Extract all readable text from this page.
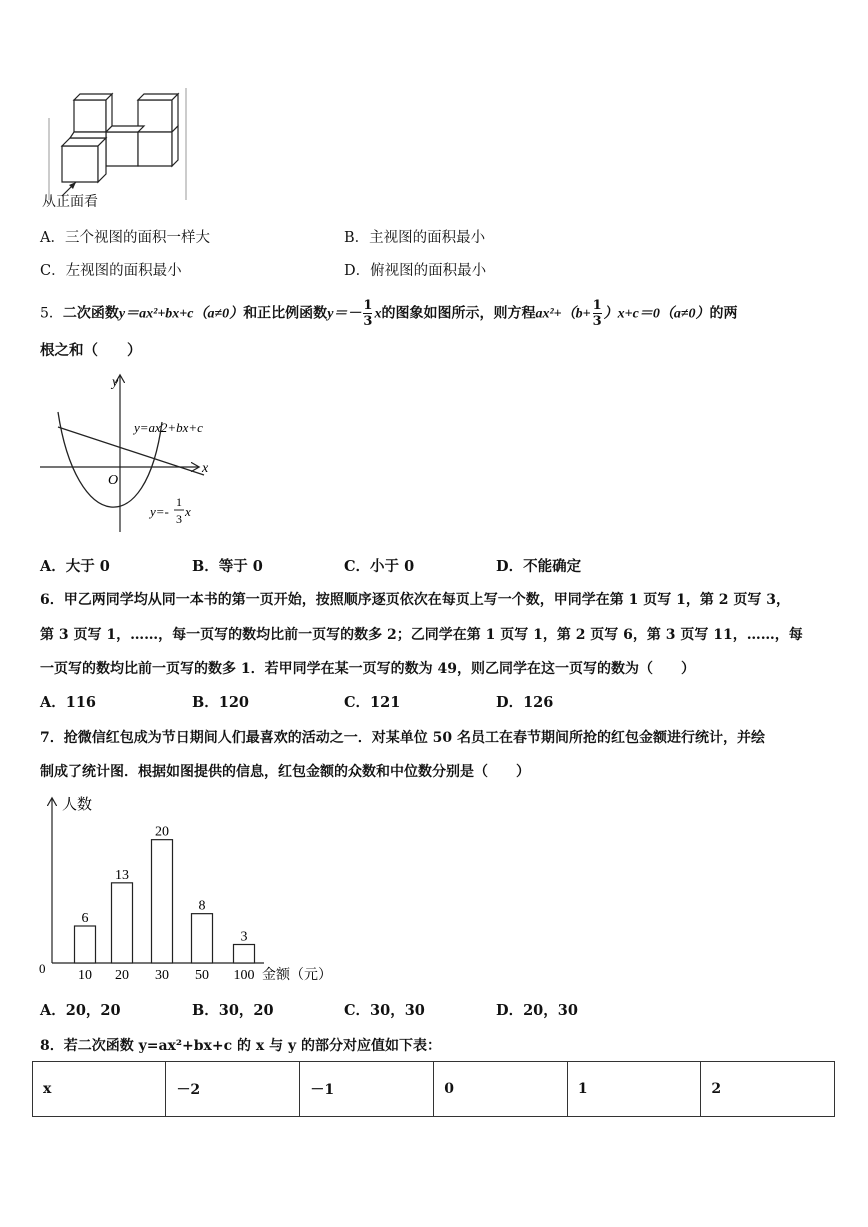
从正面看
A．三个视图的面积一样大	B．主视图的面积最小
C．左视图的面积最小	D．俯视图的面积最小
5．二次函数y＝ax²+bx+c（a≠0）和正比例函数$y=- \frac{1}{3}$ x的图象如图所示，则方程$ax^2+(b+ \frac{1}{3} )x+c=0(a\ne 0)$的两
根之和（　　）
y
x
O
y=ax2+bx+c
y=-
1
3 x
A．大于 0	B．等于 0	C．小于 0	D．不能确定
6．甲乙两同学均从同一本书的第一页开始，按照顺序逐页依次在每页上写一个数，甲同学在第 1 页写 1，第 2 页写 3，
第 3 页写 1，……，每一页写的数均比前一页写的数多 2；乙同学在第 1 页写 1，第 2 页写 6，第 3 页写 11，……，每
一页写的数均比前一页写的数多 1．若甲同学在某一页写的数为 49，则乙同学在这一页写的数为（　　）
A．116	B．120	C．121	D．126
7．抢微信红包成为节日期间人们最喜欢的活动之一．对某单位 50 名员工在春节期间所抢的红包金额进行统计，并绘
制成了统计图．根据如图提供的信息，红包金额的众数和中位数分别是（　　）
人数
金额（元）
0
6
10
13
20
20
30
8
50
3
100
A．20，20	B．30，20	C．30，30	D．20，30
8．若二次函数 y=ax²+bx+c 的 x 与 y 的部分对应值如下表：
x	－2	－1	0	1	2
